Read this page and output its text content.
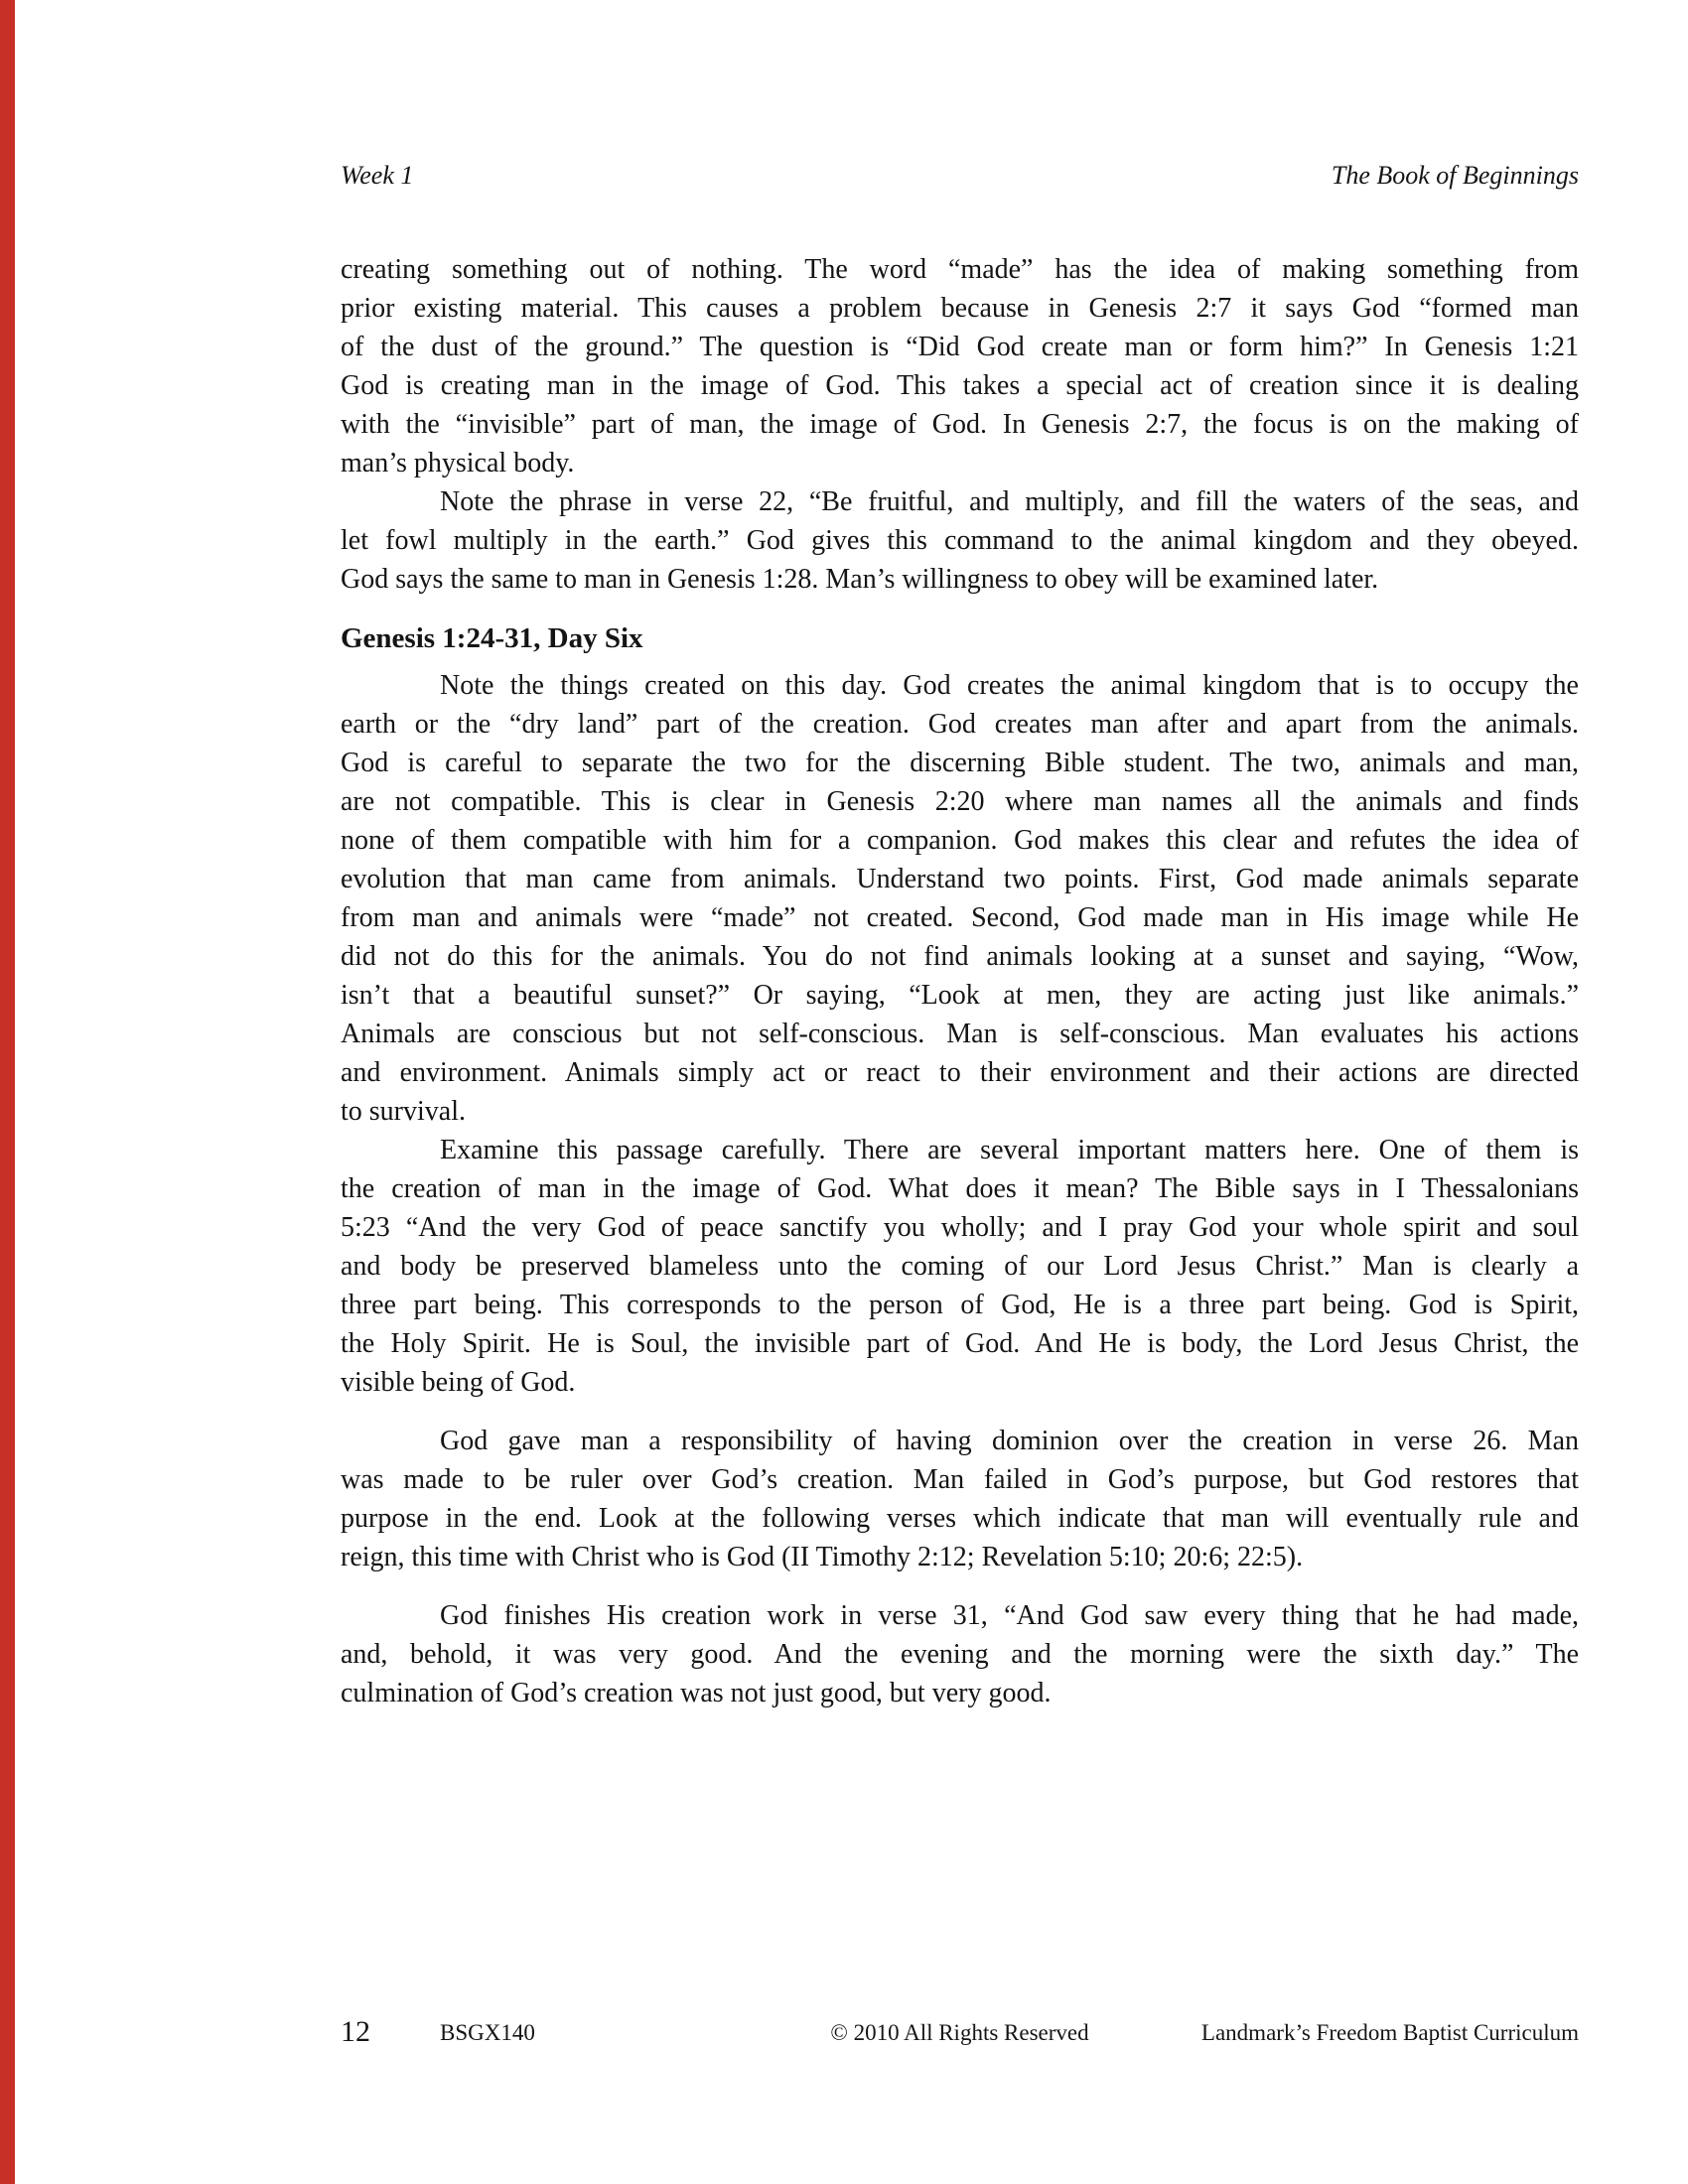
Week 1	The Book of Beginnings
creating something out of nothing. The word “made” has the idea of making something from
prior existing material. This causes a problem because in Genesis 2:7 it says God “formed man
of the dust of the ground.” The question is “Did God create man or form him?” In Genesis 1:21
God is creating man in the image of God. This takes a special act of creation since it is dealing
with the “invisible” part of man, the image of God. In Genesis 2:7, the focus is on the making of
man’s physical body.
Note the phrase in verse 22, “Be fruitful, and multiply, and fill the waters of the seas, and
let fowl multiply in the earth.” God gives this command to the animal kingdom and they obeyed.
God says the same to man in Genesis 1:28. Man’s willingness to obey will be examined later.
Genesis 1:24-31, Day Six
Note the things created on this day. God creates the animal kingdom that is to occupy the
earth or the “dry land” part of the creation. God creates man after and apart from the animals.
God is careful to separate the two for the discerning Bible student. The two, animals and man,
are not compatible. This is clear in Genesis 2:20 where man names all the animals and finds
none of them compatible with him for a companion. God makes this clear and refutes the idea of
evolution that man came from animals. Understand two points. First, God made animals separate
from man and animals were “made” not created. Second, God made man in His image while He
did not do this for the animals. You do not find animals looking at a sunset and saying, “Wow,
isn’t that a beautiful sunset?” Or saying, “Look at men, they are acting just like animals.”
Animals are conscious but not self-conscious. Man is self-conscious. Man evaluates his actions
and environment. Animals simply act or react to their environment and their actions are directed
to survival.
Examine this passage carefully. There are several important matters here. One of them is
the creation of man in the image of God. What does it mean? The Bible says in I Thessalonians
5:23 “And the very God of peace sanctify you wholly; and I pray God your whole spirit and soul
and body be preserved blameless unto the coming of our Lord Jesus Christ.” Man is clearly a
three part being. This corresponds to the person of God, He is a three part being. God is Spirit,
the Holy Spirit. He is Soul, the invisible part of God. And He is body, the Lord Jesus Christ, the
visible being of God.
God gave man a responsibility of having dominion over the creation in verse 26. Man
was made to be ruler over God’s creation. Man failed in God’s purpose, but God restores that
purpose in the end. Look at the following verses which indicate that man will eventually rule and
reign, this time with Christ who is God (II Timothy 2:12; Revelation 5:10; 20:6; 22:5).
God finishes His creation work in verse 31, “And God saw every thing that he had made,
and, behold, it was very good. And the evening and the morning were the sixth day.” The
culmination of God’s creation was not just good, but very good.
12	BSGX140	© 2010 All Rights Reserved	Landmark’s Freedom Baptist Curriculum
